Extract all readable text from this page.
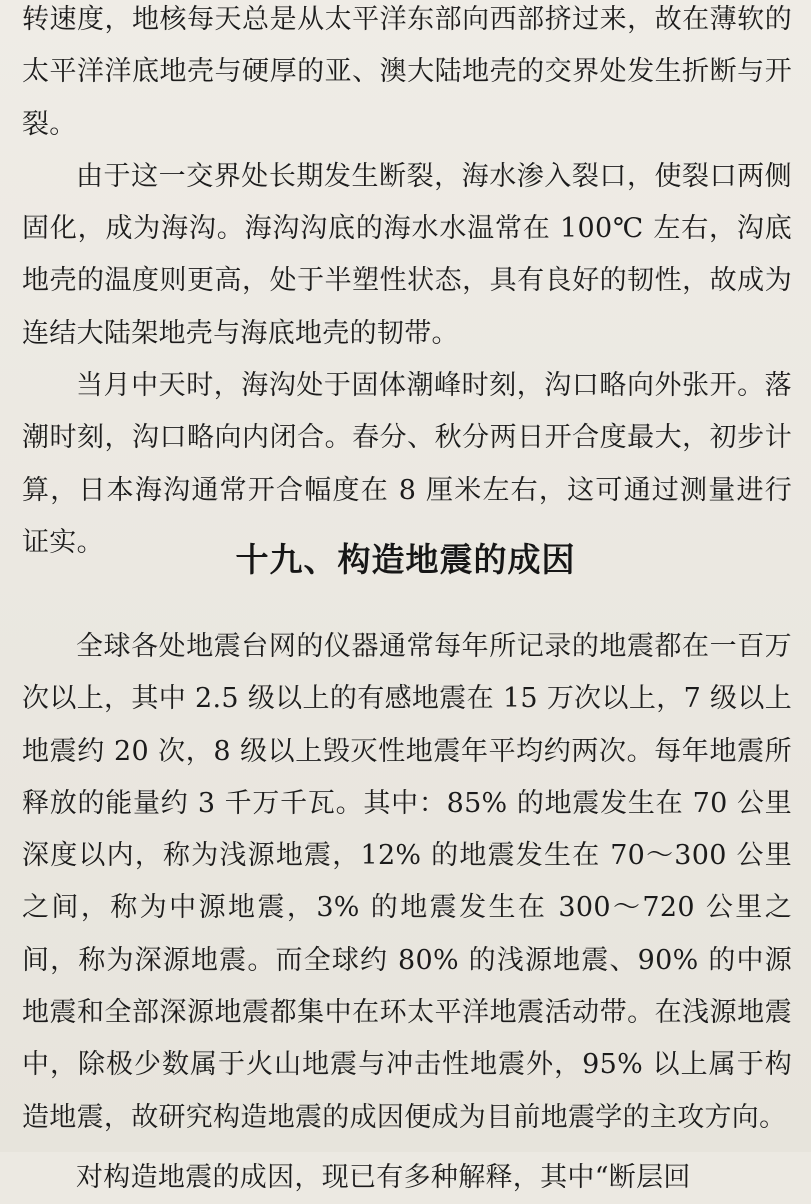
转速度，地核每天总是从太平洋东部向西部挤过来，故在薄软的太平洋洋底地壳与硬厚的亚、澳大陆地壳的交界处发生折断与开裂。

由于这一交界处长期发生断裂，海水渗入裂口，使裂口两侧固化，成为海沟。海沟沟底的海水水温常在 100℃ 左右，沟底地壳的温度则更高，处于半塑性状态，具有良好的韧性，故成为连结大陆架地壳与海底地壳的韧带。

当月中天时，海沟处于固体潮峰时刻，沟口略向外张开。落潮时刻，沟口略向内闭合。春分、秋分两日开合度最大，初步计算，日本海沟通常开合幅度在 8 厘米左右，这可通过测量进行证实。	十九、构造地震的成因

全球各处地震台网的仪器通常每年所记录的地震都在一百万次以上，其中 2.5 级以上的有感地震在 15 万次以上，7 级以上地震约 20 次，8 级以上毁灭性地震年平均约两次。每年地震所释放的能量约 3 千万千瓦。其中：85% 的地震发生在 70 公里深度以内，称为浅源地震，12% 的地震发生在 70～300 公里之间，称为中源地震，3% 的地震发生在 300～720 公里之间，称为深源地震。而全球约 80% 的浅源地震、90% 的中源地震和全部深源地震都集中在环太平洋地震活动带。在浅源地震中，除极少数属于火山地震与冲击性地震外，95% 以上属于构造地震，故研究构造地震的成因便成为目前地震学的主攻方向。

对构造地震的成因，现已有多种解释，其中“断层回
